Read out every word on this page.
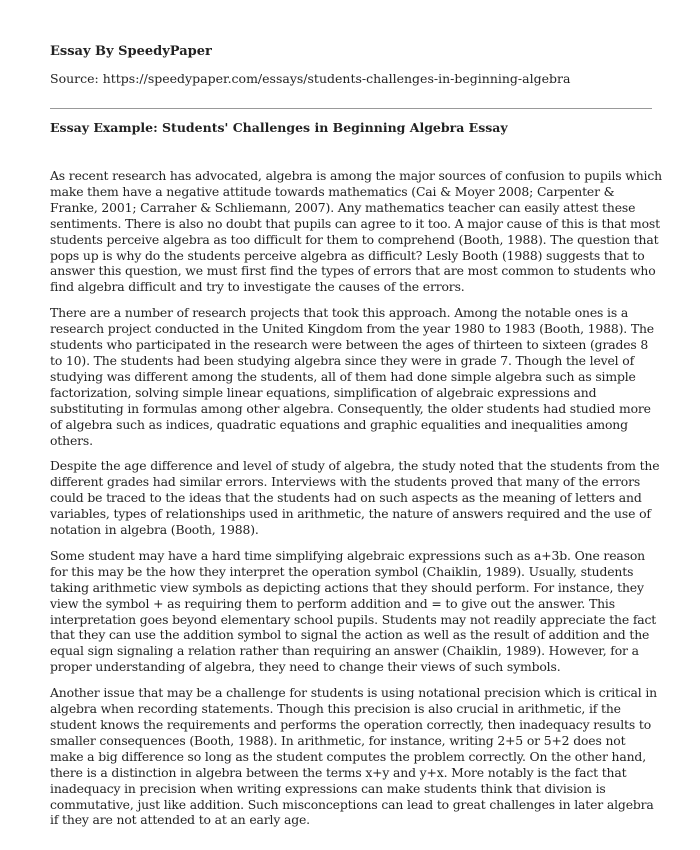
Essay By SpeedyPaper
Source: https://speedypaper.com/essays/students-challenges-in-beginning-algebra
Essay Example: Students' Challenges in Beginning Algebra Essay

As recent research has advocated, algebra is among the major sources of confusion to pupils which make them have a negative attitude towards mathematics (Cai & Moyer 2008; Carpenter & Franke, 2001; Carraher & Schliemann, 2007). Any mathematics teacher can easily attest these sentiments. There is also no doubt that pupils can agree to it too. A major cause of this is that most students perceive algebra as too difficult for them to comprehend (Booth, 1988). The question that pops up is why do the students perceive algebra as difficult? Lesly Booth (1988) suggests that to answer this question, we must first find the types of errors that are most common to students who find algebra difficult and try to investigate the causes of the errors.

There are a number of research projects that took this approach. Among the notable ones is a research project conducted in the United Kingdom from the year 1980 to 1983 (Booth, 1988). The students who participated in the research were between the ages of thirteen to sixteen (grades 8 to 10). The students had been studying algebra since they were in grade 7. Though the level of studying was different among the students, all of them had done simple algebra such as simple factorization, solving simple linear equations, simplification of algebraic expressions and substituting in formulas among other algebra. Consequently, the older students had studied more of algebra such as indices, quadratic equations and graphic equalities and inequalities among others.

Despite the age difference and level of study of algebra, the study noted that the students from the different grades had similar errors. Interviews with the students proved that many of the errors could be traced to the ideas that the students had on such aspects as the meaning of letters and variables, types of relationships used in arithmetic, the nature of answers required and the use of notation in algebra (Booth, 1988).

Some student may have a hard time simplifying algebraic expressions such as a+3b. One reason for this may be the how they interpret the operation symbol (Chaiklin, 1989). Usually, students taking arithmetic view symbols as depicting actions that they should perform. For instance, they view the symbol + as requiring them to perform addition and = to give out the answer. This interpretation goes beyond elementary school pupils. Students may not readily appreciate the fact that they can use the addition symbol to signal the action as well as the result of addition and the equal sign signaling a relation rather than requiring an answer (Chaiklin, 1989). However, for a proper understanding of algebra, they need to change their views of such symbols.

Another issue that may be a challenge for students is using notational precision which is critical in algebra when recording statements. Though this precision is also crucial in arithmetic, if the student knows the requirements and performs the operation correctly, then inadequacy results to smaller consequences (Booth, 1988). In arithmetic, for instance, writing 2+5 or 5+2 does not make a big difference so long as the student computes the problem correctly. On the other hand, there is a distinction in algebra between the terms x+y and y+x. More notably is the fact that inadequacy in precision when writing expressions can make students think that division is commutative, just like addition. Such misconceptions can lead to great challenges in later algebra if they are not attended to at an early age.
